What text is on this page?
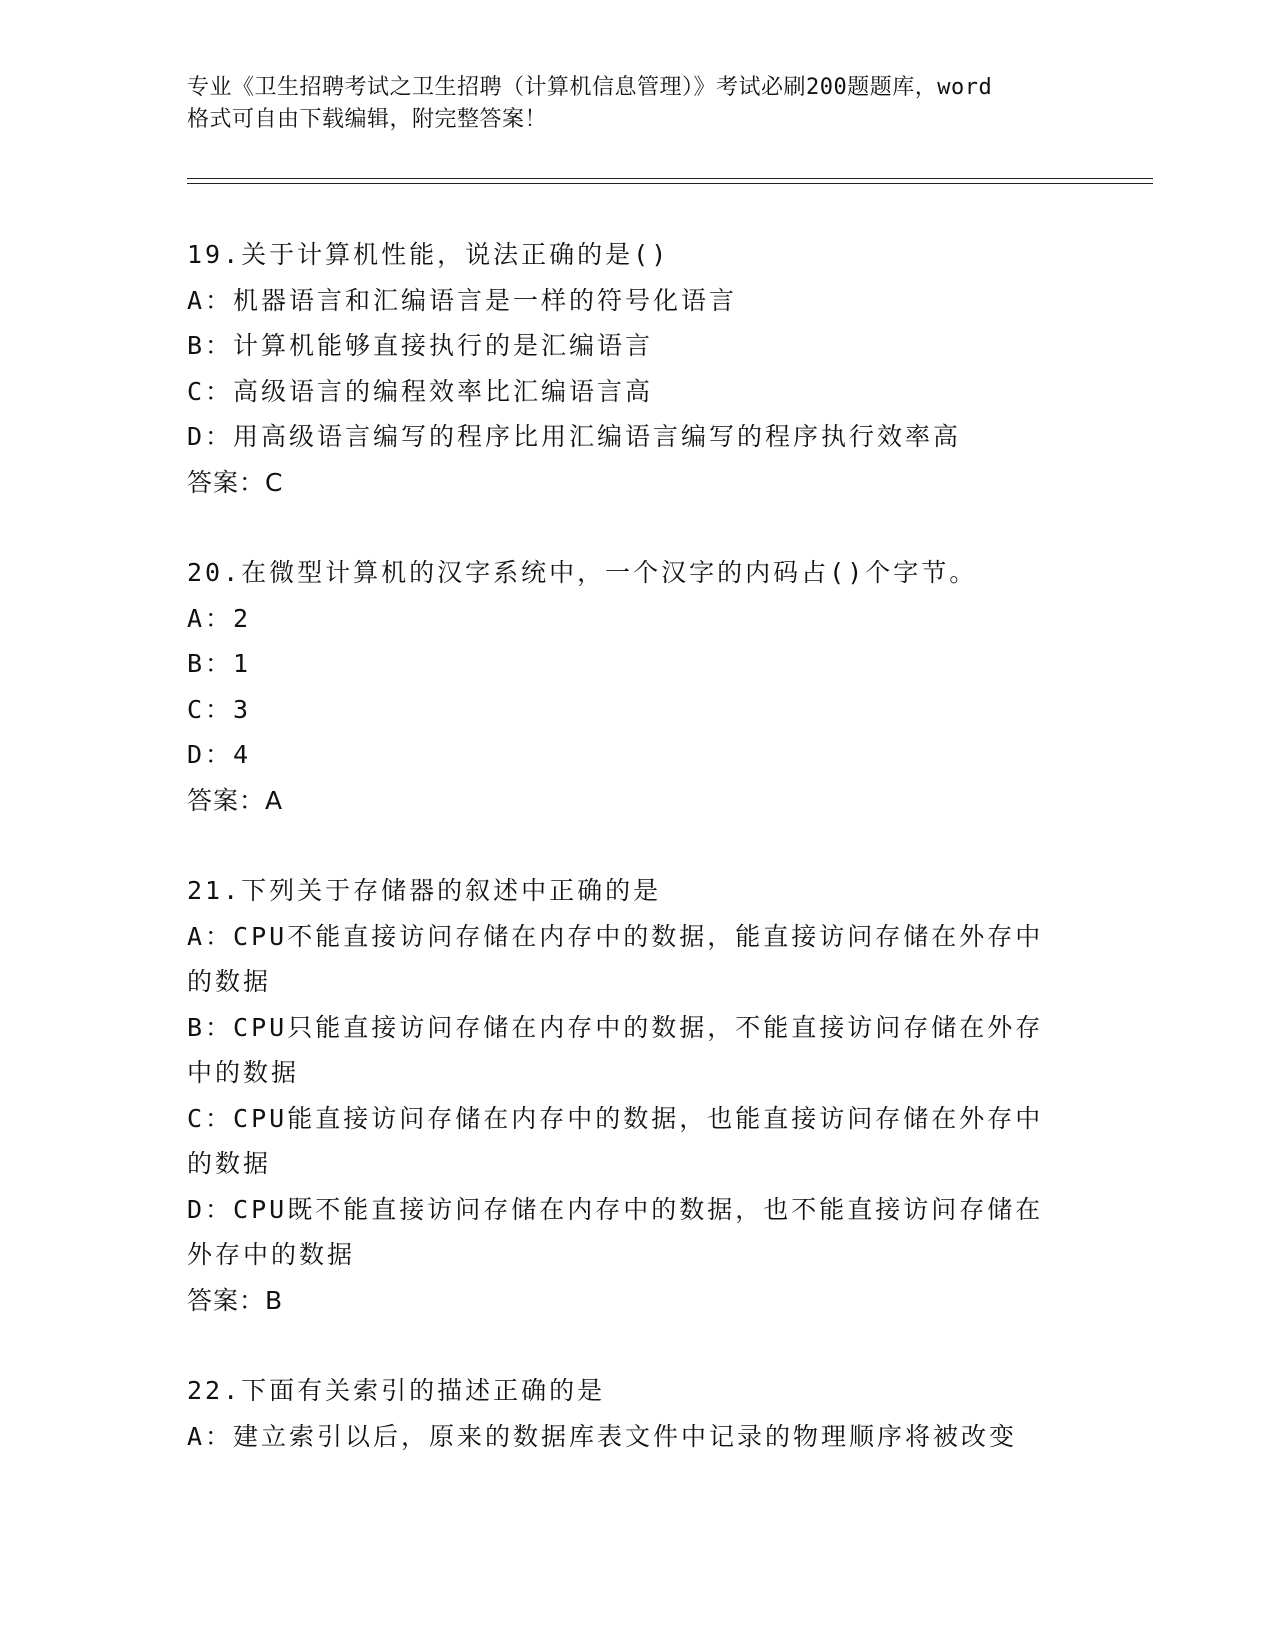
专业《卫生招聘考试之卫生招聘（计算机信息管理）》考试必刷200题题库，word
格式可自由下载编辑，附完整答案！
19.关于计算机性能，说法正确的是()
A：机器语言和汇编语言是一样的符号化语言
B：计算机能够直接执行的是汇编语言
C：高级语言的编程效率比汇编语言高
D：用高级语言编写的程序比用汇编语言编写的程序执行效率高
答案：C
20.在微型计算机的汉字系统中，一个汉字的内码占()个字节。
A：2
B：1
C：3
D：4
答案：A
21.下列关于存储器的叙述中正确的是
A：CPU不能直接访问存储在内存中的数据，能直接访问存储在外存中
的数据
B：CPU只能直接访问存储在内存中的数据，不能直接访问存储在外存
中的数据
C：CPU能直接访问存储在内存中的数据，也能直接访问存储在外存中
的数据
D：CPU既不能直接访问存储在内存中的数据，也不能直接访问存储在
外存中的数据
答案：B
22.下面有关索引的描述正确的是
A：建立索引以后，原来的数据库表文件中记录的物理顺序将被改变
